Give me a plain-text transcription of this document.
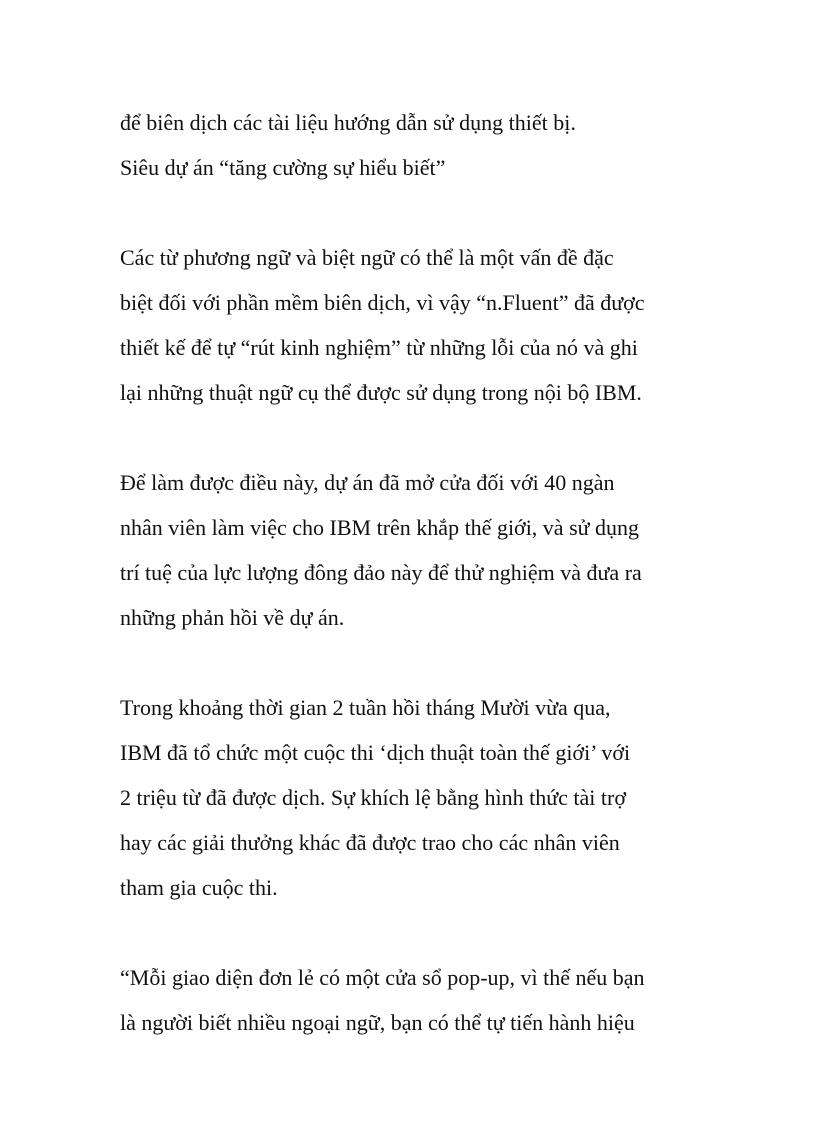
để biên dịch các tài liệu hướng dẫn sử dụng thiết bị.
Siêu dự án “tăng cường sự hiểu biết”
Các từ phương ngữ và biệt ngữ có thể là một vấn đề đặc
biệt đối với phần mềm biên dịch, vì vậy “n.Fluent” đã được
thiết kế để tự “rút kinh nghiệm” từ những lỗi của nó và ghi
lại những thuật ngữ cụ thể được sử dụng trong nội bộ IBM.
Để làm được điều này, dự án đã mở cửa đối với 40 ngàn
nhân viên làm việc cho IBM trên khắp thế giới, và sử dụng
trí tuệ của lực lượng đông đảo này để thử nghiệm và đưa ra
những phản hồi về dự án.
Trong khoảng thời gian 2 tuần hồi tháng Mười vừa qua,
IBM đã tổ chức một cuộc thi ‘dịch thuật toàn thế giới’ với
2 triệu từ đã được dịch. Sự khích lệ bằng hình thức tài trợ
hay các giải thưởng khác đã được trao cho các nhân viên
tham gia cuộc thi.
“Mỗi giao diện đơn lẻ có một cửa sổ pop-up, vì thế nếu bạn
là người biết nhiều ngoại ngữ, bạn có thể tự tiến hành hiệu
